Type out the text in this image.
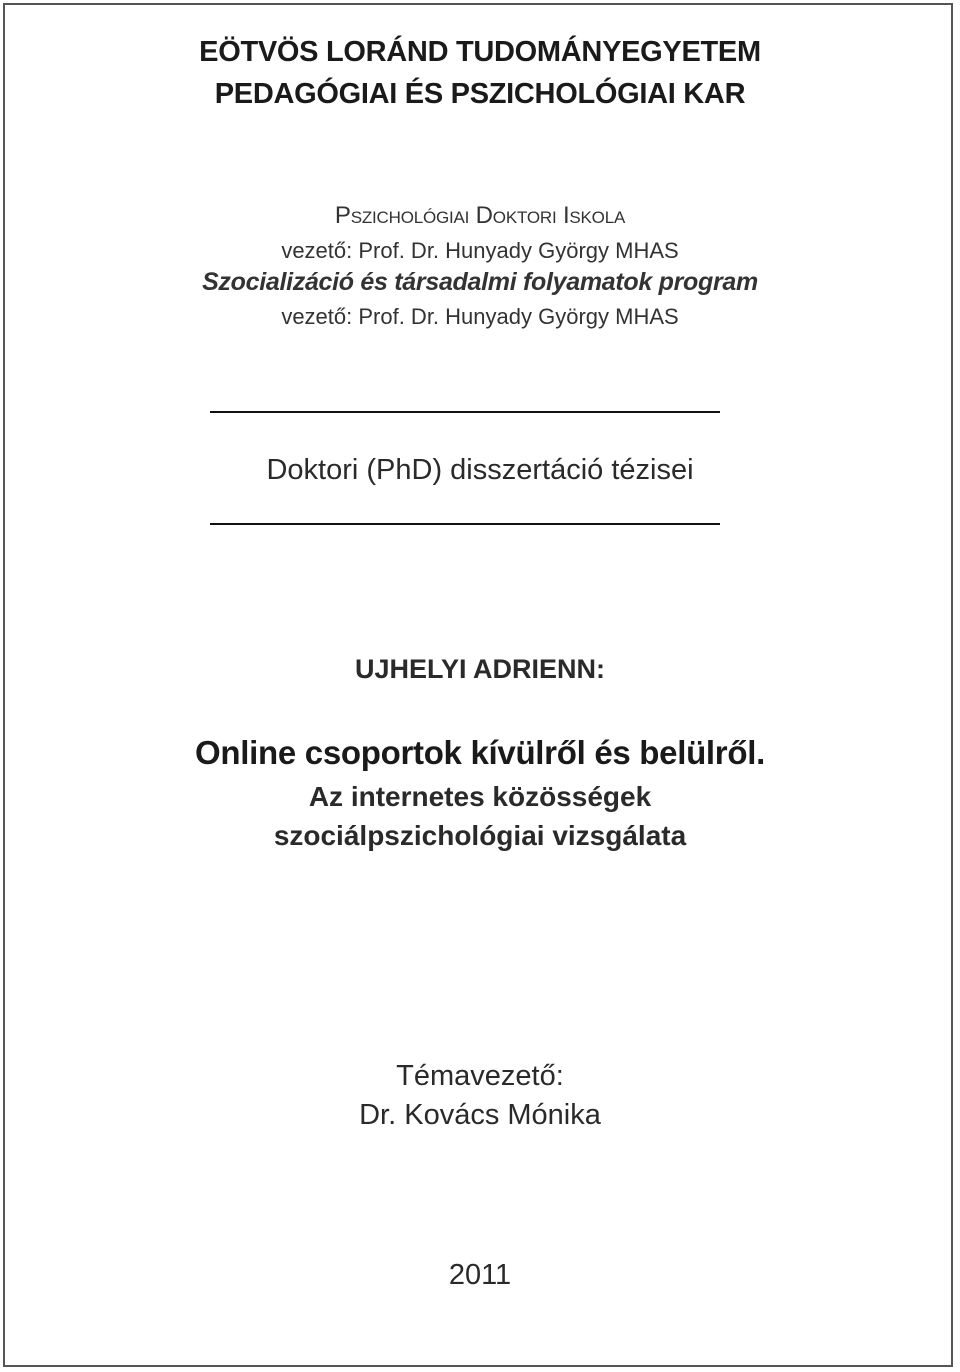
EÖTVÖS LORÁND TUDOMÁNYEGYETEM
PEDAGÓGIAI ÉS PSZICHOLÓGIAI KAR
Pszichológiai Doktori Iskola
vezető: Prof. Dr. Hunyady György MHAS
Szocializáció és társadalmi folyamatok program
vezető: Prof. Dr. Hunyady György MHAS
Doktori (PhD) disszertáció tézisei
UJHELYI ADRIENN:
Online csoportok kívülről és belülről.
Az internetes közösségek
szociálpszichológiai vizsgálata
Témavezető:
Dr. Kovács Mónika
2011
